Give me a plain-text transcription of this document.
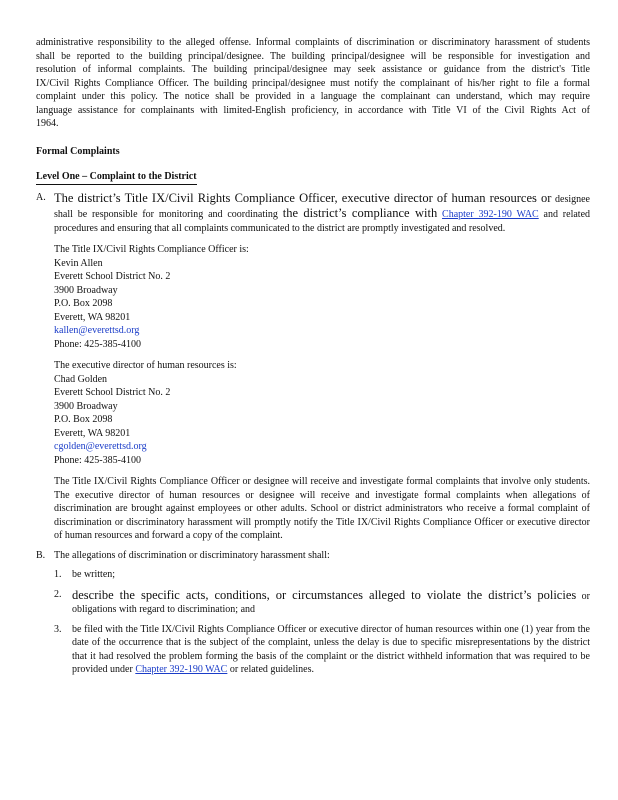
administrative responsibility to the alleged offense. Informal complaints of discrimination or discriminatory harassment of students shall be reported to the building principal/designee. The building principal/designee will be responsible for investigation and resolution of informal complaints. The building principal/designee may seek assistance or guidance from the district's Title IX/Civil Rights Compliance Officer. The building principal/designee must notify the complainant of his/her right to file a formal complaint under this policy. The notice shall be provided in a language the complainant can understand, which may require language assistance for complainants with limited-English proficiency, in accordance with Title VI of the Civil Rights Act of 1964.

Formal Complaints
Level One – Complaint to the District
A. The district’s Title IX/Civil Rights Compliance Officer, executive director of human resources or designee shall be responsible for monitoring and coordinating the district’s compliance with Chapter 392-190 WAC and related procedures and ensuring that all complaints communicated to the district are promptly investigated and resolved.

The Title IX/Civil Rights Compliance Officer is:
Kevin Allen
Everett School District No. 2
3900 Broadway
P.O. Box 2098
Everett, WA 98201
kallen@everettsd.org
Phone: 425-385-4100
The executive director of human resources is:
Chad Golden
Everett School District No. 2
3900 Broadway
P.O. Box 2098
Everett, WA 98201
cgolden@everettsd.org
Phone: 425-385-4100

The Title IX/Civil Rights Compliance Officer or designee will receive and investigate formal complaints that involve only students. The executive director of human resources or designee will receive and investigate formal complaints when allegations of discrimination are brought against employees or other adults. School or district administrators who receive a formal complaint of discrimination or discriminatory harassment will promptly notify the Title IX/Civil Rights Compliance Officer or executive director of human resources and forward a copy of the complaint.

B. The allegations of discrimination or discriminatory harassment shall:
1.	be written;
2. describe the specific acts, conditions, or circumstances alleged to violate the district’s policies or obligations with regard to discrimination; and

3.	be filed with the Title IX/Civil Rights Compliance Officer or executive director of human resources within one (1) year from the date of the occurrence that is the subject of the complaint, unless the delay is due to specific misrepresentations by the district that it had resolved the problem forming the basis of the complaint or the district withheld information that was required to be provided under Chapter 392-190 WAC or related guidelines.
